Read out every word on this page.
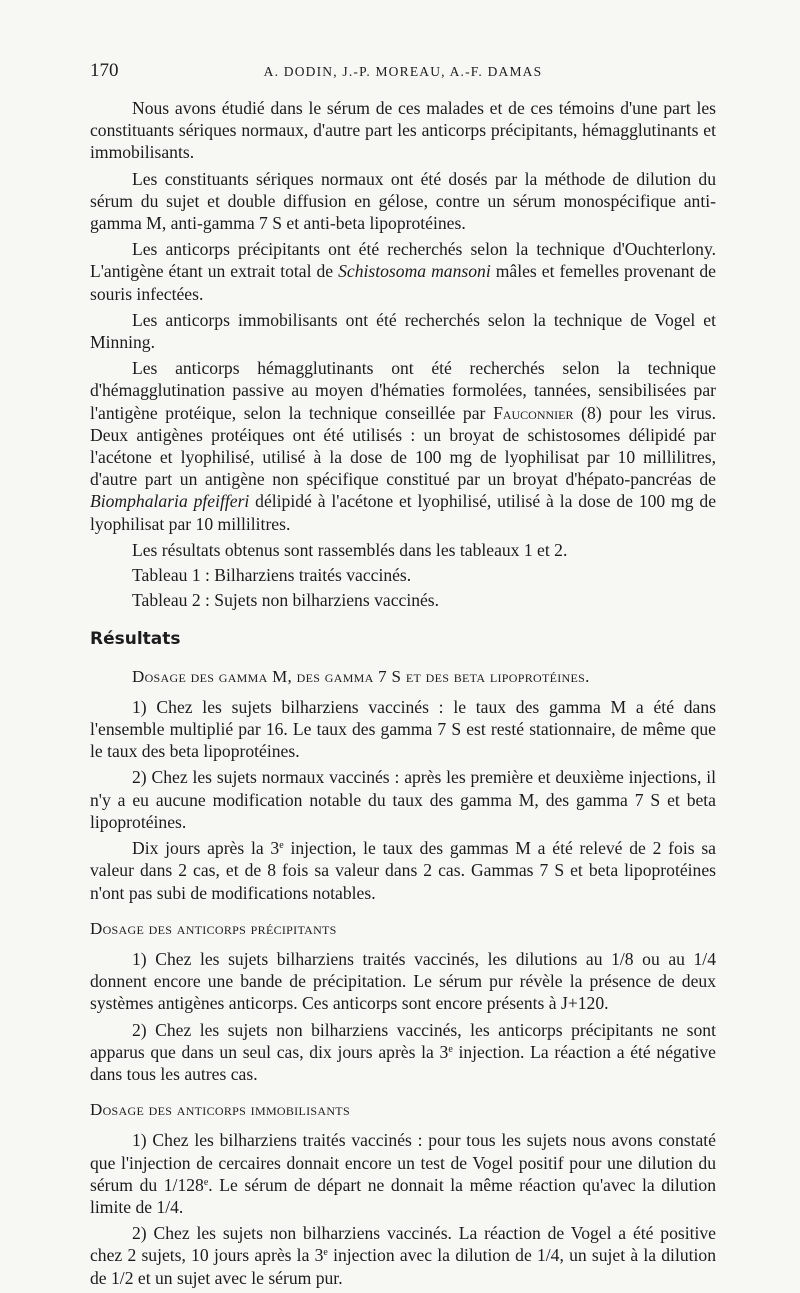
170	A. DODIN, J.-P. MOREAU, A.-F. DAMAS

Nous avons étudié dans le sérum de ces malades et de ces témoins d'une part les constituants sériques normaux, d'autre part les anticorps précipitants, hémagglutinants et immobilisants.

Les constituants sériques normaux ont été dosés par la méthode de dilution du sérum du sujet et double diffusion en gélose, contre un sérum monospécifique anti-gamma M, anti-gamma 7 S et anti-beta lipoprotéines.

Les anticorps précipitants ont été recherchés selon la technique d'Ouchterlony. L'antigène étant un extrait total de Schistosoma mansoni mâles et femelles provenant de souris infectées.

Les anticorps immobilisants ont été recherchés selon la technique de Vogel et Minning.

Les anticorps hémagglutinants ont été recherchés selon la technique d'hémagglutination passive au moyen d'hématies formolées, tannées, sensibilisées par l'antigène protéique, selon la technique conseillée par Fauconnier (8) pour les virus. Deux antigènes protéiques ont été utilisés : un broyat de schistosomes délipidé par l'acétone et lyophilisé, utilisé à la dose de 100 mg de lyophilisat par 10 millilitres, d'autre part un antigène non spécifique constitué par un broyat d'hépato-pancréas de Biomphalaria pfeifferi délipidé à l'acétone et lyophilisé, utilisé à la dose de 100 mg de lyophilisat par 10 millilitres.

Les résultats obtenus sont rassemblés dans les tableaux 1 et 2.

Tableau 1 : Bilharziens traités vaccinés.

Tableau 2 : Sujets non bilharziens vaccinés.

Résultats
Dosage des gamma M, des gamma 7 S et des beta lipoprotéines.

1) Chez les sujets bilharziens vaccinés : le taux des gamma M a été dans l'ensemble multiplié par 16. Le taux des gamma 7 S est resté stationnaire, de même que le taux des beta lipoprotéines.

2) Chez les sujets normaux vaccinés : après les première et deuxième injections, il n'y a eu aucune modification notable du taux des gamma M, des gamma 7 S et beta lipoprotéines.

Dix jours après la 3e injection, le taux des gammas M a été relevé de 2 fois sa valeur dans 2 cas, et de 8 fois sa valeur dans 2 cas. Gammas 7 S et beta lipoprotéines n'ont pas subi de modifications notables.

Dosage des anticorps précipitants

1) Chez les sujets bilharziens traités vaccinés, les dilutions au 1/8 ou au 1/4 donnent encore une bande de précipitation. Le sérum pur révèle la présence de deux systèmes antigènes anticorps. Ces anticorps sont encore présents à J+120.

2) Chez les sujets non bilharziens vaccinés, les anticorps précipitants ne sont apparus que dans un seul cas, dix jours après la 3e injection. La réaction a été négative dans tous les autres cas.

Dosage des anticorps immobilisants

1) Chez les bilharziens traités vaccinés : pour tous les sujets nous avons constaté que l'injection de cercaires donnait encore un test de Vogel positif pour une dilution du sérum du 1/128e. Le sérum de départ ne donnait la même réaction qu'avec la dilution limite de 1/4.

2) Chez les sujets non bilharziens vaccinés. La réaction de Vogel a été positive chez 2 sujets, 10 jours après la 3e injection avec la dilution de 1/4, un sujet à la dilution de 1/2 et un sujet avec le sérum pur.
